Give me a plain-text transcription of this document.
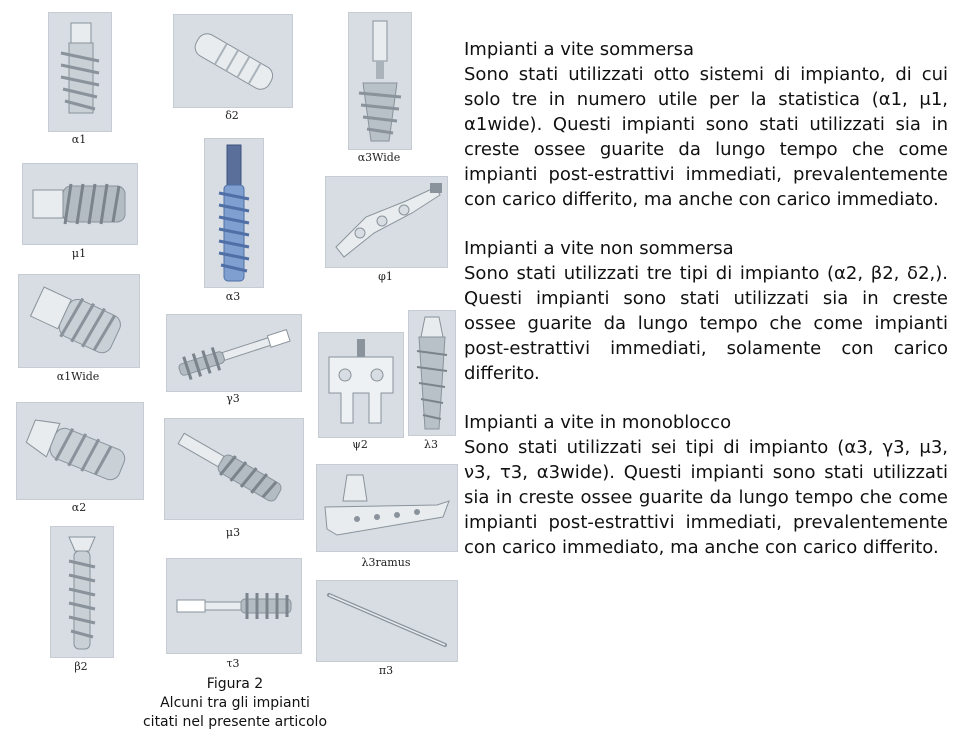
α1
δ2
α3Wide
μ1
α3
φ1
α1Wide
γ3
ψ2	λ3
α2
μ3
λ3ramus
β2	τ3
π3
Figura 2
Alcuni tra gli impianti
citati nel presente articolo
Impianti a vite sommersa
Sono stati utilizzati otto sistemi di impianto, di cui solo tre in numero utile per la statistica (α1, μ1, α1wide). Questi impianti sono stati utilizzati sia in creste ossee guarite da lungo tempo che come impianti post-estrattivi immediati, prevalentemente con carico differito, ma anche con carico immediato.
Impianti a vite non sommersa
Sono stati utilizzati tre tipi di impianto (α2, β2, δ2,). Questi impianti sono stati utilizzati sia in creste ossee guarite da lungo tempo che come impianti post-estrattivi immediati, solamente con carico differito.
Impianti a vite in monoblocco
Sono stati utilizzati sei tipi di impianto (α3, γ3, μ3, ν3, τ3, α3wide). Questi impianti sono stati utilizzati sia in creste ossee guarite da lungo tempo che come impianti post-estrattivi immediati, prevalentemente con carico immediato, ma anche con carico differito.
